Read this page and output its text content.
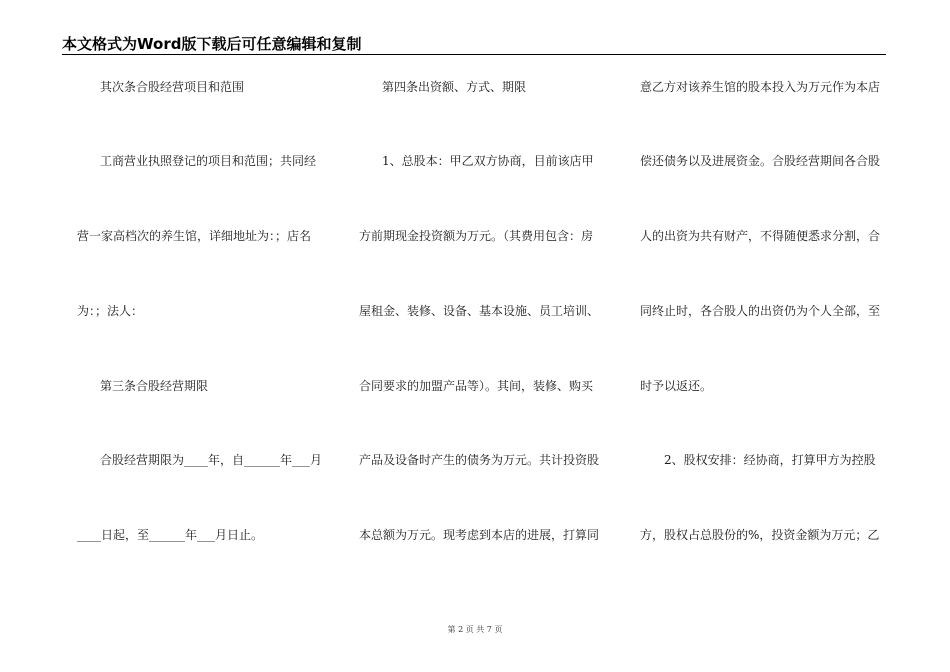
本文格式为Word版下载后可任意编辑和复制
其次条合股经营项目和范围
工商营业执照登记的项目和范围；共同经
营一家高档次的养生馆，详细地址为：；店名
为：；法人：
第三条合股经营期限
合股经营期限为____年，自______年___月
____日起，至______年___月日止。
第四条出资额、方式、期限
1、总股本：甲乙双方协商，目前该店甲
方前期现金投资额为万元。（其费用包含：房
屋租金、装修、设备、基本设施、员工培训、
合同要求的加盟产品等）。其间，装修、购买
产品及设备时产生的债务为万元。共计投资股
本总额为万元。现考虑到本店的进展，打算同
意乙方对该养生馆的股本投入为万元作为本店
偿还债务以及进展资金。合股经营期间各合股
人的出资为共有财产，不得随便悉求分割，合
同终止时，各合股人的出资仍为个人全部，至
时予以返还。
2、股权安排：经协商，打算甲方为控股
方，股权占总股份的%，投资金额为万元；乙
第 2 页 共 7 页
